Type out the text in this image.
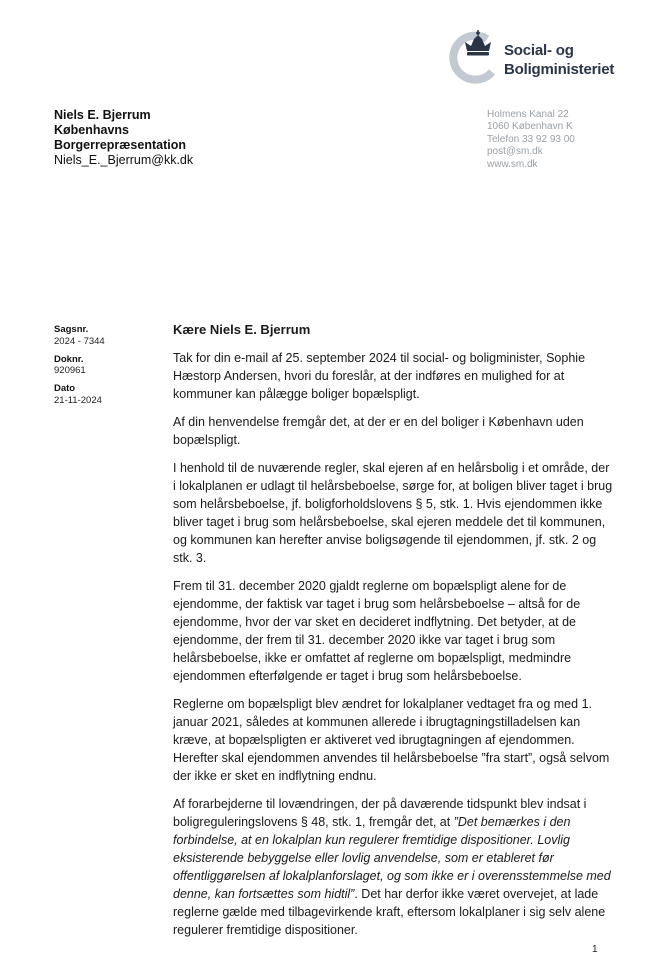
Social- og
Boligministeriet
Niels E. Bjerrum
Københavns
Borgerrepræsentation
Niels_E._Bjerrum@kk.dk
Holmens Kanal 22
1060 København K
Telefon 33 92 93 00
post@sm.dk
www.sm.dk
Sagsnr.
2024 - 7344
Doknr.
920961
Dato
21-11-2024
Kære Niels E. Bjerrum

Tak for din e-mail af 25. september 2024 til social- og boligminister, Sophie Hæstorp Andersen, hvori du foreslår, at der indføres en mulighed for at kommuner kan pålægge boliger bopælspligt.

Af din henvendelse fremgår det, at der er en del boliger i København uden bopælspligt.

I henhold til de nuværende regler, skal ejeren af en helårsbolig i et område, der i lokalplanen er udlagt til helårsbeboelse, sørge for, at boligen bliver taget i brug som helårsbeboelse, jf. boligforholdslovens § 5, stk. 1. Hvis ejendommen ikke bliver taget i brug som helårsbeboelse, skal ejeren meddele det til kommunen, og kommunen kan herefter anvise boligsøgende til ejendommen, jf. stk. 2 og stk. 3.

Frem til 31. december 2020 gjaldt reglerne om bopælspligt alene for de ejendomme, der faktisk var taget i brug som helårsbeboelse – altså for de ejendomme, hvor der var sket en decideret indflytning. Det betyder, at de ejendomme, der frem til 31. december 2020 ikke var taget i brug som helårsbeboelse, ikke er omfattet af reglerne om bopælspligt, medmindre ejendommen efterfølgende er taget i brug som helårsbeboelse.

Reglerne om bopælspligt blev ændret for lokalplaner vedtaget fra og med 1. januar 2021, således at kommunen allerede i ibrugtagningstilladelsen kan kræve, at bopælspligten er aktiveret ved ibrugtagningen af ejendommen. Herefter skal ejendommen anvendes til helårsbeboelse ”fra start”, også selvom der ikke er sket en indflytning endnu.

Af forarbejderne til lovændringen, der på daværende tidspunkt blev indsat i boligreguleringslovens § 48, stk. 1, fremgår det, at ”Det bemærkes i den forbindelse, at en lokalplan kun regulerer fremtidige dispositioner. Lovlig eksisterende bebyggelse eller lovlig anvendelse, som er etableret før offentliggørelsen af lokalplanforslaget, og som ikke er i overensstemmelse med denne, kan fortsættes som hidtil”. Det har derfor ikke været overvejet, at lade reglerne gælde med tilbagevirkende kraft, eftersom lokalplaner i sig selv alene regulerer fremtidige dispositioner.

1
